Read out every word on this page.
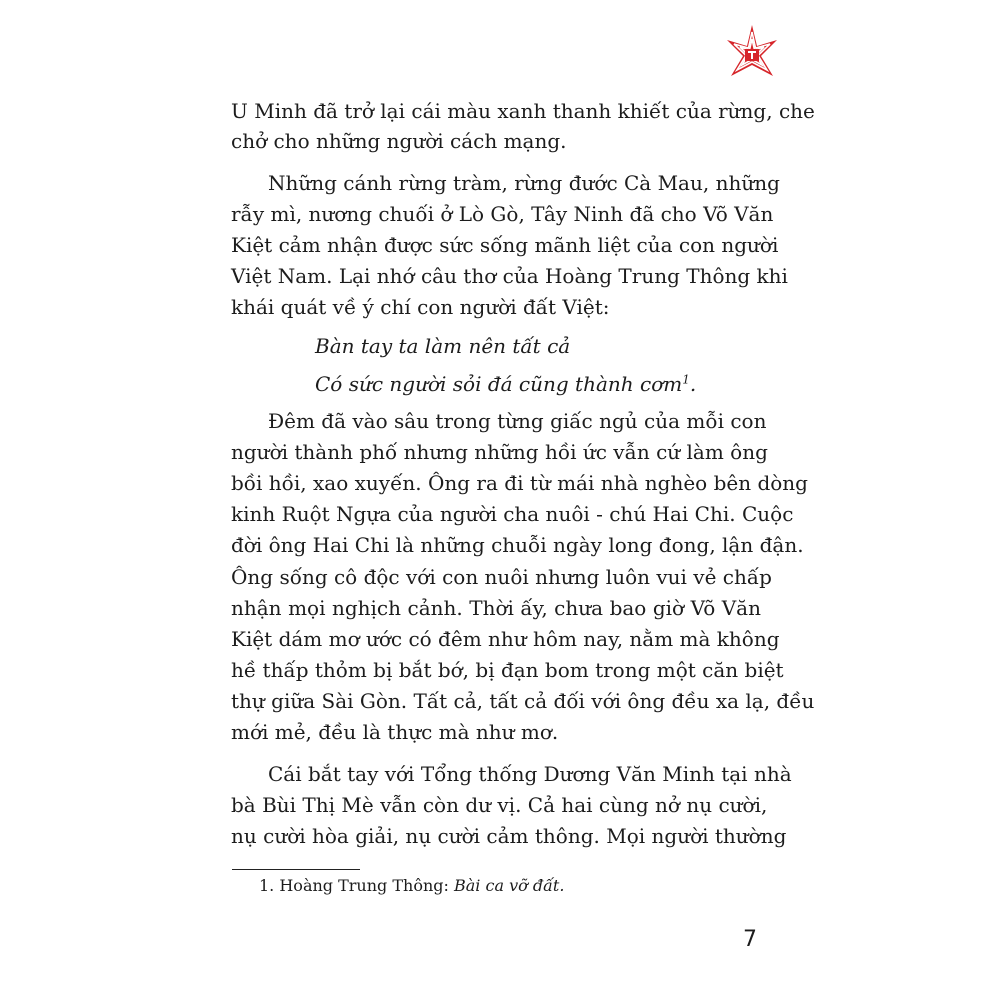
U Minh đã trở lại cái màu xanh thanh khiết của rừng, che
chở cho những người cách mạng.
Những cánh rừng tràm, rừng đước Cà Mau, những
rẫy mì, nương chuối ở Lò Gò, Tây Ninh đã cho Võ Văn
Kiệt cảm nhận được sức sống mãnh liệt của con người
Việt Nam. Lại nhớ câu thơ của Hoàng Trung Thông khi
khái quát về ý chí con người đất Việt:
Bàn tay ta làm nên tất cả
Có sức người sỏi đá cũng thành cơm$^1$.
Đêm đã vào sâu trong từng giấc ngủ của mỗi con
người thành phố nhưng những hồi ức vẫn cứ làm ông
bồi hồi, xao xuyến. Ông ra đi từ mái nhà nghèo bên dòng
kinh Ruột Ngựa của người cha nuôi - chú Hai Chi. Cuộc
đời ông Hai Chi là những chuỗi ngày long đong, lận đận.
Ông sống cô độc với con nuôi nhưng luôn vui vẻ chấp
nhận mọi nghịch cảnh. Thời ấy, chưa bao giờ Võ Văn
Kiệt dám mơ ước có đêm như hôm nay, nằm mà không
hề thấp thỏm bị bắt bớ, bị đạn bom trong một căn biệt
thự giữa Sài Gòn. Tất cả, tất cả đối với ông đều xa lạ, đều
mới mẻ, đều là thực mà như mơ.
Cái bắt tay với Tổng thống Dương Văn Minh tại nhà
bà Bùi Thị Mè vẫn còn dư vị. Cả hai cùng nở nụ cười,
nụ cười hòa giải, nụ cười cảm thông. Mọi người thường
1. Hoàng Trung Thông: Bài ca vỡ đất.
7
